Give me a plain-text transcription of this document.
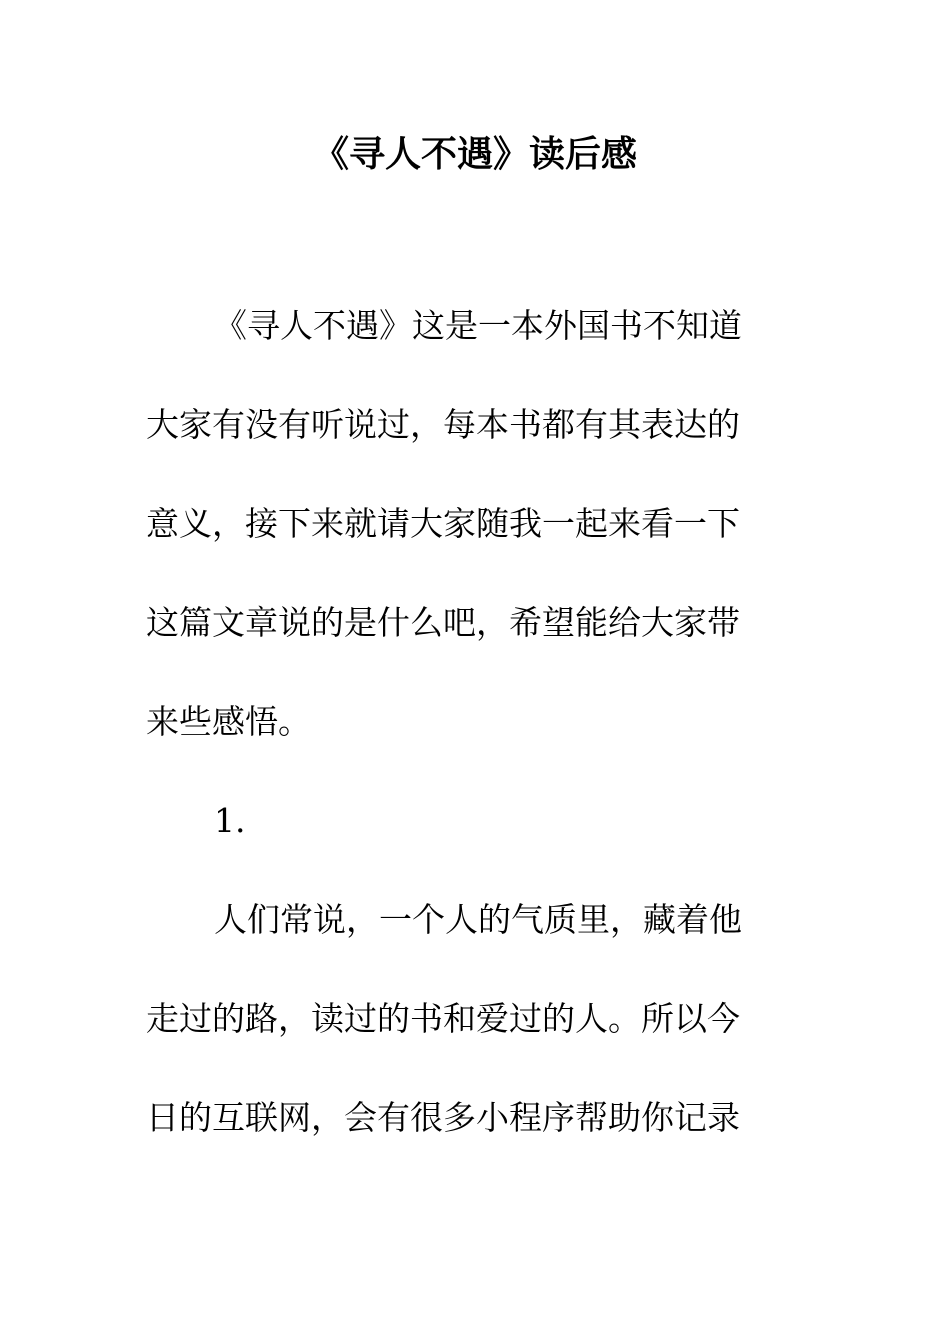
《寻人不遇》读后感
《寻人不遇》这是一本外国书不知道
大家有没有听说过，每本书都有其表达的
意义，接下来就请大家随我一起来看一下
这篇文章说的是什么吧，希望能给大家带
来些感悟。
1.
人们常说，一个人的气质里，藏着他
走过的路，读过的书和爱过的人。所以今
日的互联网，会有很多小程序帮助你记录
